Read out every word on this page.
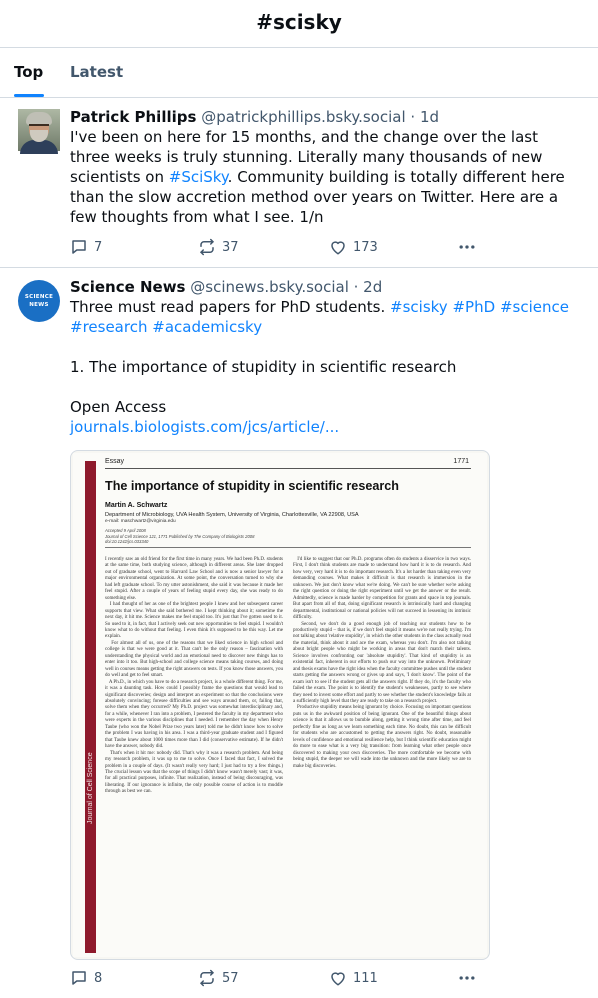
#scisky
Top Latest
Patrick Phillips @patrickphillips.bsky.social · 1d
I've been on here for 15 months, and the change over the last three weeks is truly stunning. Literally many thousands of new scientists on #SciSky. Community building is totally different here than the slow accretion method over years on Twitter. Here are a few thoughts from what I see. 1/n
7	37	173
SCIENCE
NEWS
Science News @scinews.bsky.social · 2d
Three must read papers for PhD students. #scisky #PhD #science
#research #academicsky

1. The importance of stupidity in scientific research

Open Access
journals.biologists.com/jcs/article/...
Journal of Cell Science
Essay	1771
The importance of stupidity in scientific research
Martin A. Schwartz
Department of Microbiology, UVA Health System, University of Virginia, Charlottesville, VA 22908, USA
e-mail: maschwartz@virginia.edu
Accepted 9 April 2008
Journal of Cell Science 121, 1771 Published by The Company of Biologists 2008
doi:10.1242/jcs.033340
I recently saw an old friend for the first time in many years. We had been Ph.D. students at the same time, both studying science, although in different areas. She later dropped out of graduate school, went to Harvard Law School and is now a senior lawyer for a major environmental organization. At some point, the conversation turned to why she had left graduate school. To my utter astonishment, she said it was because it made her feel stupid. After a couple of years of feeling stupid every day, she was ready to do something else.
I had thought of her as one of the brightest people I knew and her subsequent career supports that view. What she said bothered me. I kept thinking about it; sometime the next day, it hit me. Science makes me feel stupid too. It's just that I've gotten used to it. So used to it, in fact, that I actively seek out new opportunities to feel stupid. I wouldn't know what to do without that feeling. I even think it's supposed to be this way. Let me explain.
For almost all of us, one of the reasons that we liked science in high school and college is that we were good at it. That can't be the only reason – fascination with understanding the physical world and an emotional need to discover new things has to enter into it too. But high-school and college science means taking courses, and doing well in courses means getting the right answers on tests. If you know those answers, you do well and get to feel smart.
A Ph.D., in which you have to do a research project, is a whole different thing. For me, it was a daunting task. How could I possibly frame the questions that would lead to significant discoveries; design and interpret an experiment so that the conclusions were absolutely convincing; foresee difficulties and see ways around them, or, failing that, solve them when they occurred? My Ph.D. project was somewhat interdisciplinary and, for a while, whenever I ran into a problem, I pestered the faculty in my department who were experts in the various disciplines that I needed. I remember the day when Henry Taube (who won the Nobel Prize two years later) told me he didn't know how to solve the problem I was having in his area. I was a third-year graduate student and I figured that Taube knew about 1000 times more than I did (conservative estimate). If he didn't have the answer, nobody did.
That's when it hit me: nobody did. That's why it was a research problem. And being my research problem, it was up to me to solve. Once I faced that fact, I solved the problem in a couple of days. (It wasn't really very hard; I just had to try a few things.) The crucial lesson was that the scope of things I didn't know wasn't merely vast; it was, for all practical purposes, infinite. That realization, instead of being discouraging, was liberating. If our ignorance is infinite, the only possible course of action is to muddle through as best we can.
I'd like to suggest that our Ph.D. programs often do students a disservice in two ways. First, I don't think students are made to understand how hard it is to do research. And how very, very hard it is to do important research. It's a lot harder than taking even very demanding courses. What makes it difficult is that research is immersion in the unknown. We just don't know what we're doing. We can't be sure whether we're asking the right question or doing the right experiment until we get the answer or the result. Admittedly, science is made harder by competition for grants and space in top journals. But apart from all of that, doing significant research is intrinsically hard and changing departmental, institutional or national policies will not succeed in lessening its intrinsic difficulty.
Second, we don't do a good enough job of teaching our students how to be productively stupid – that is, if we don't feel stupid it means we're not really trying. I'm not talking about 'relative stupidity', in which the other students in the class actually read the material, think about it and ace the exam, whereas you don't. I'm also not talking about bright people who might be working in areas that don't match their talents. Science involves confronting our 'absolute stupidity'. That kind of stupidity is an existential fact, inherent in our efforts to push our way into the unknown. Preliminary and thesis exams have the right idea when the faculty committee pushes until the student starts getting the answers wrong or gives up and says, 'I don't know'. The point of the exam isn't to see if the student gets all the answers right. If they do, it's the faculty who failed the exam. The point is to identify the student's weaknesses, partly to see where they need to invest some effort and partly to see whether the student's knowledge fails at a sufficiently high level that they are ready to take on a research project.
Productive stupidity means being ignorant by choice. Focusing on important questions puts us in the awkward position of being ignorant. One of the beautiful things about science is that it allows us to bumble along, getting it wrong time after time, and feel perfectly fine as long as we learn something each time. No doubt, this can be difficult for students who are accustomed to getting the answers right. No doubt, reasonable levels of confidence and emotional resilience help, but I think scientific education might do more to ease what is a very big transition: from learning what other people once discovered to making your own discoveries. The more comfortable we become with being stupid, the deeper we will wade into the unknown and the more likely we are to make big discoveries.
8	57	111
